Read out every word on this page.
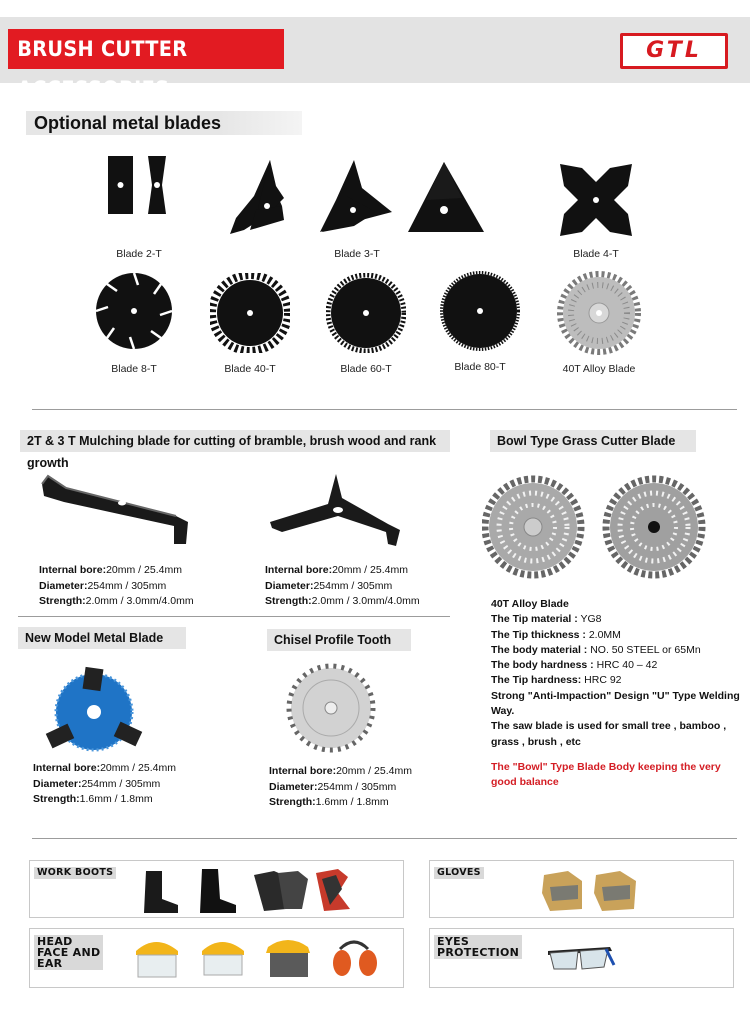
BRUSH CUTTER ACCESSORIES
GTL
Optional metal blades
Blade 2-T	Blade 3-T	Blade 4-T
Blade 8-T	Blade 40-T	Blade 60-T	Blade 80-T	40T Alloy Blade
2T & 3 T Mulching blade for cutting of bramble, brush wood and rank growth
Internal bore:20mm / 25.4mm
Diameter:254mm / 305mm
Strength:2.0mm / 3.0mm/4.0mm
Internal bore:20mm / 25.4mm
Diameter:254mm / 305mm
Strength:2.0mm / 3.0mm/4.0mm
Bowl Type Grass Cutter Blade
40T Alloy Blade
The Tip material : YG8
The Tip thickness : 2.0MM
The body material : NO. 50 STEEL or 65Mn
The body hardness : HRC 40 – 42
The Tip hardness: HRC 92
Strong "Anti-Impaction" Design "U" Type Welding Way.
The saw blade is used for small tree , bamboo , grass , brush , etc
The "Bowl" Type Blade Body keeping the very good balance
New Model Metal Blade
Internal bore:20mm / 25.4mm
Diameter:254mm / 305mm
Strength:1.6mm / 1.8mm
Chisel Profile Tooth
Internal bore:20mm / 25.4mm
Diameter:254mm / 305mm
Strength:1.6mm / 1.8mm
WORK BOOTS	GLOVES
HEAD
FACE AND
EAR
EYES
PROTECTION
